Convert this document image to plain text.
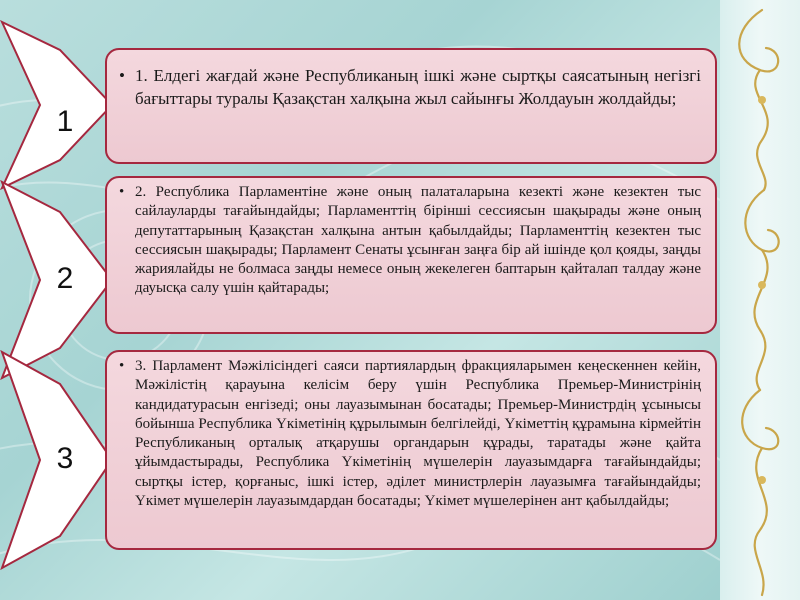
1

• 1. Елдегі жағдай және Республиканың ішкі және сыртқы саясатының негізгі бағыттары туралы Қазақстан халқына жыл сайынғы Жолдауын жолдайды;

2

• 2. Республика Парламентіне және оның палаталарына кезекті және кезектен тыс сайлауларды тағайындайды; Парламенттің бірінші сессиясын шақырады және оның депутаттарының Қазақстан халқына антын қабылдайды; Парламенттің кезектен тыс сессиясын шақырады; Парламент Сенаты ұсынған заңға бір ай ішінде қол қояды, заңды жариялайды не болмаса заңды немесе оның жекелеген баптарын қайталап талдау және дауысқа салу үшін қайтарады;

3

• 3. Парламент Мәжілісіндегі саяси партиялардың фракцияларымен кеңескеннен кейін, Мәжілістің қарауына келісім беру үшін Республика Премьер-Министрінің кандидатурасын енгізеді; оны лауазымынан босатады; Премьер-Министрдің ұсынысы бойынша Республика Үкіметінің құрылымын белгілейді, Үкіметтің құрамына кірмейтін Республиканың орталық атқарушы органдарын құрады, таратады және қайта ұйымдастырады, Республика Үкіметінің мүшелерін лауазымдарға тағайындайды; сыртқы істер, қорғаныс, ішкі істер, әділет министрлерін лауазымға тағайындайды; Үкімет мүшелерін лауазымдардан босатады; Үкімет мүшелерінен ант қабылдайды;
